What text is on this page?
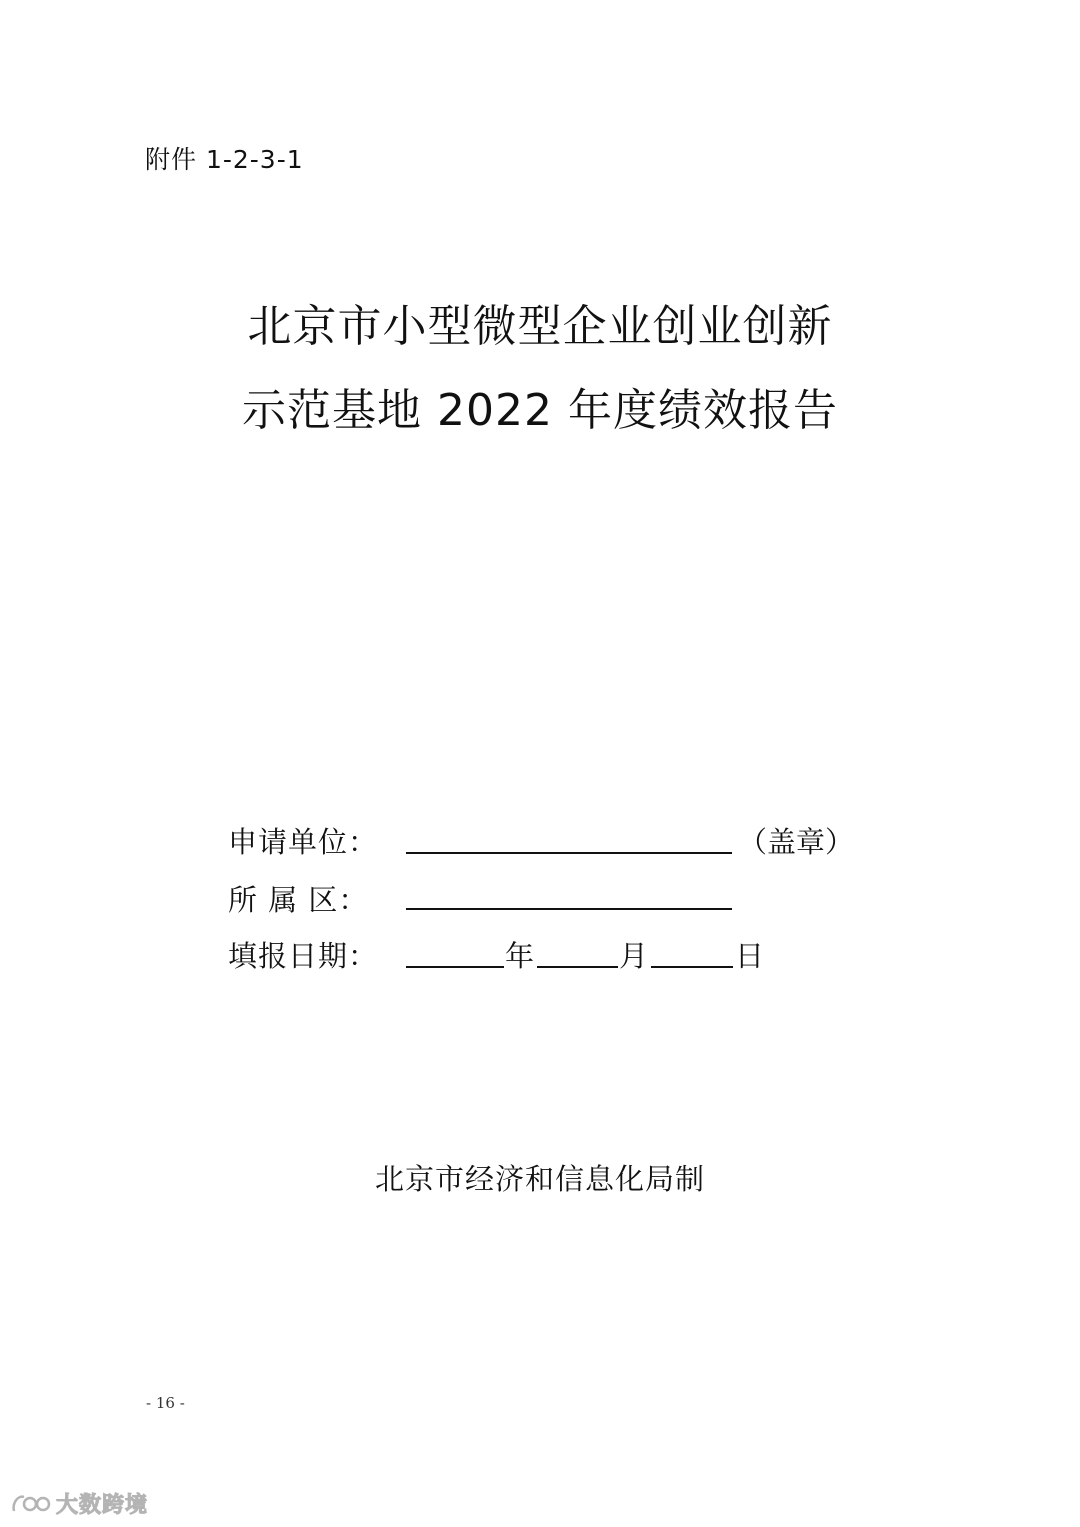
附件 1-2-3-1
北京市小型微型企业创业创新
示范基地 2022 年度绩效报告
申请单位：	（盖章）
所 属 区：
填报日期：	年	月	日
北京市经济和信息化局制
- 16 -
大数跨境
